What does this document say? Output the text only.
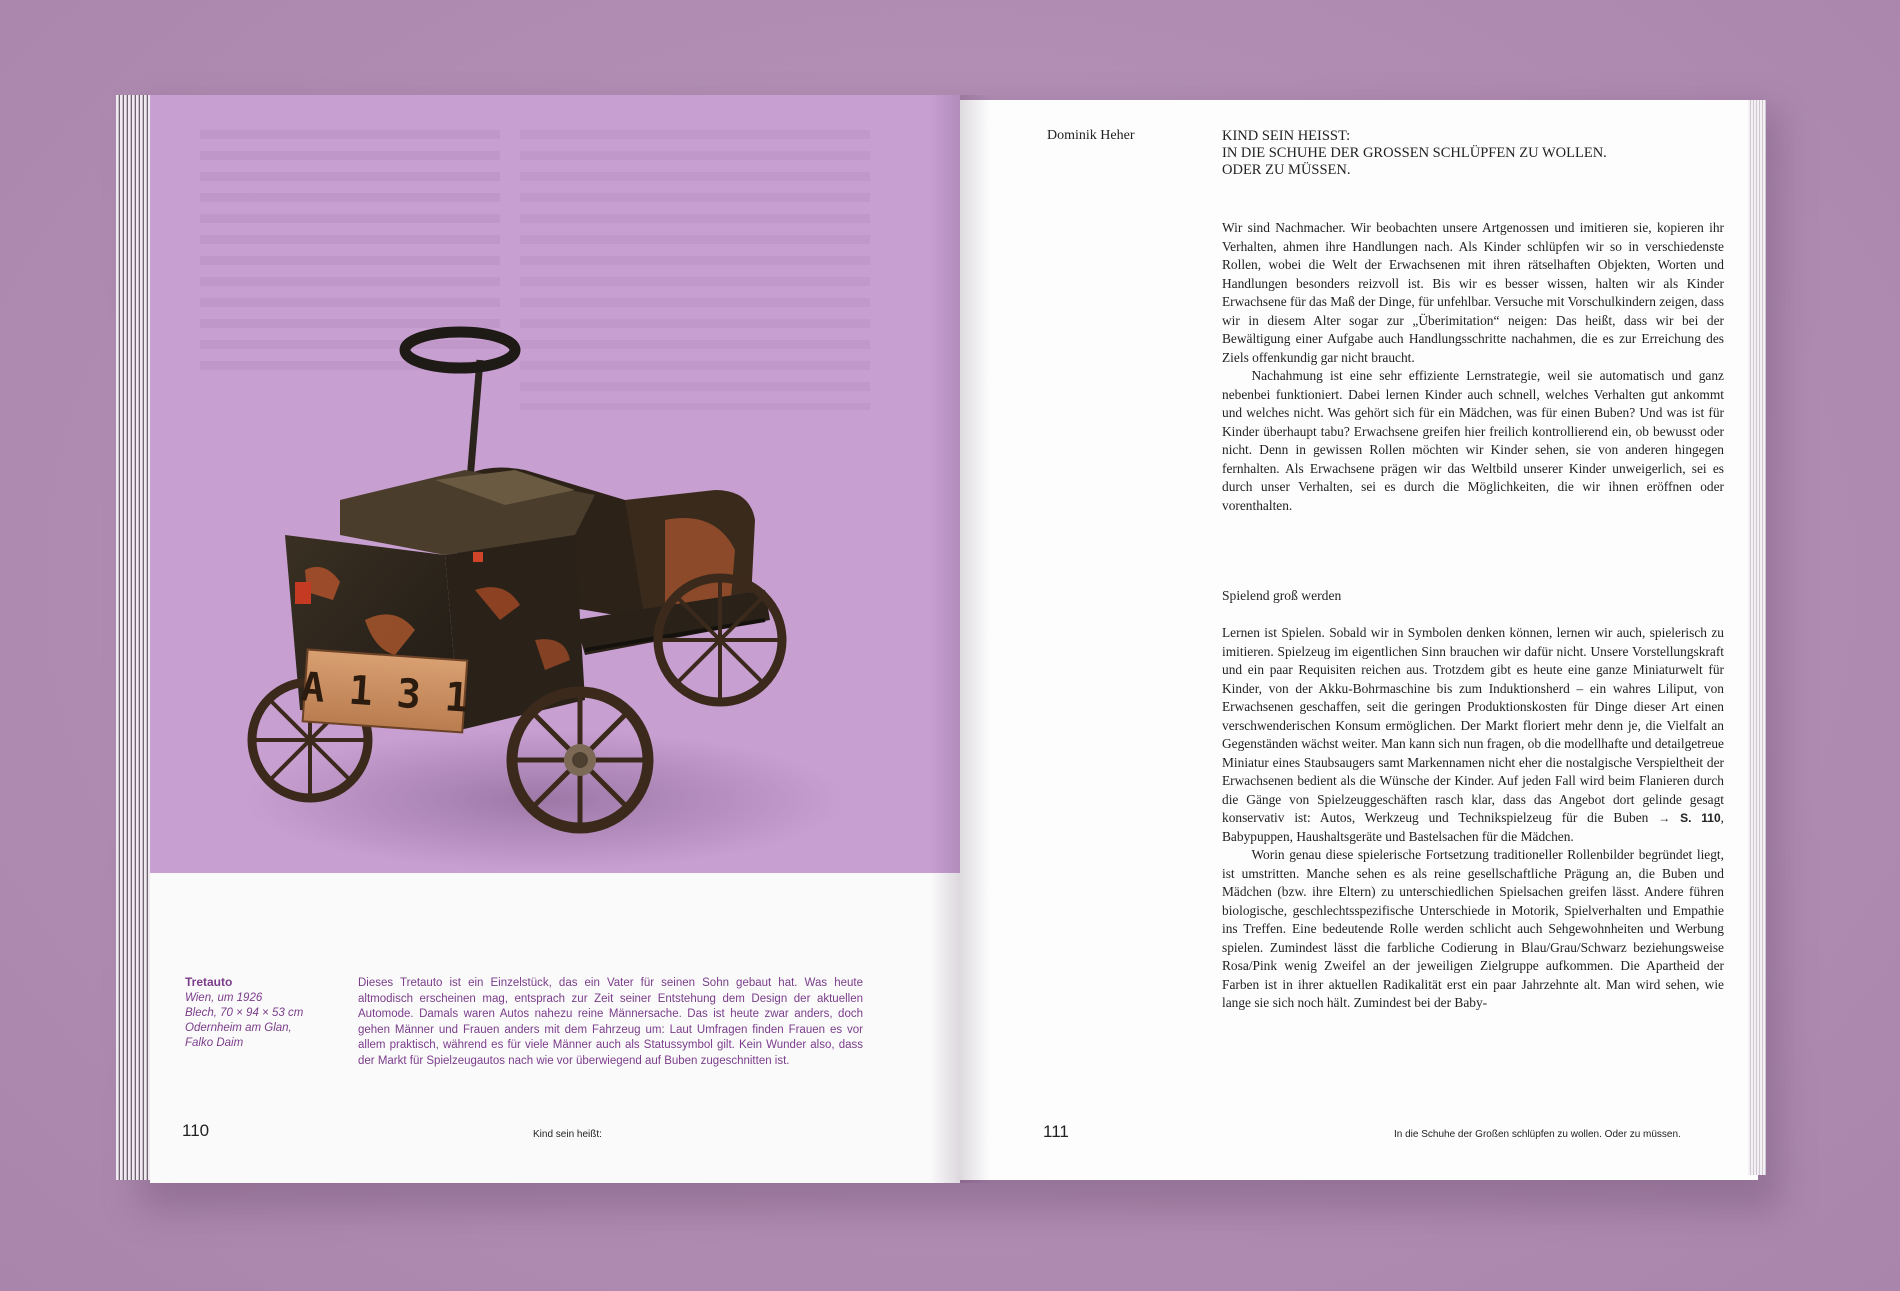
A 1 3 1
Tretauto
Wien, um 1926
Blech, 70 × 94 × 53 cm
Odernheim am Glan,
Falko Daim
Dieses Tretauto ist ein Einzelstück, das ein Vater für seinen Sohn gebaut hat. Was heute altmodisch erscheinen mag, entsprach zur Zeit seiner Entstehung dem Design der aktuellen Automode. Damals waren Autos nahezu reine Männersache. Das ist heute zwar anders, doch gehen Männer und Frauen anders mit dem Fahrzeug um: Laut Umfragen finden Frauen es vor allem praktisch, während es für viele Männer auch als Statussymbol gilt. Kein Wunder also, dass der Markt für Spielzeugautos nach wie vor überwiegend auf Buben zugeschnitten ist.
110	Kind sein heißt:
Dominik Heher	KIND SEIN HEISST:
IN DIE SCHUHE DER GROSSEN SCHLÜPFEN ZU WOLLEN.
ODER ZU MÜSSEN.

Wir sind Nachmacher. Wir beobachten unsere Artgenossen und imitieren sie, kopieren ihr Verhalten, ahmen ihre Handlungen nach. Als Kinder schlüpfen wir so in verschiedenste Rollen, wobei die Welt der Erwachsenen mit ihren rätselhaften Objekten, Worten und Handlungen besonders reizvoll ist. Bis wir es besser wissen, halten wir als Kinder Erwachsene für das Maß der Dinge, für unfehlbar. Versuche mit Vorschulkindern zeigen, dass wir in diesem Alter sogar zur „Überimitation“ neigen: Das heißt, dass wir bei der Bewältigung einer Aufgabe auch Handlungsschritte nachahmen, die es zur Erreichung des Ziels offenkundig gar nicht braucht.

Nachahmung ist eine sehr effiziente Lernstrategie, weil sie automatisch und ganz nebenbei funktioniert. Dabei lernen Kinder auch schnell, welches Verhalten gut ankommt und welches nicht. Was gehört sich für ein Mädchen, was für einen Buben? Und was ist für Kinder überhaupt tabu? Erwachsene greifen hier freilich kontrollierend ein, ob bewusst oder nicht. Denn in gewissen Rollen möchten wir Kinder sehen, sie von anderen hingegen fernhalten. Als Erwachsene prägen wir das Weltbild unserer Kinder unweigerlich, sei es durch unser Verhalten, sei es durch die Möglichkeiten, die wir ihnen eröffnen oder vorenthalten.

Spielend groß werden

Lernen ist Spielen. Sobald wir in Symbolen denken können, lernen wir auch, spielerisch zu imitieren. Spielzeug im eigentlichen Sinn brauchen wir dafür nicht. Unsere Vorstellungskraft und ein paar Requisiten reichen aus. Trotzdem gibt es heute eine ganze Miniaturwelt für Kinder, von der Akku-Bohrmaschine bis zum Induktionsherd – ein wahres Liliput, von Erwachsenen geschaffen, seit die geringen Produktionskosten für Dinge dieser Art einen verschwenderischen Konsum ermöglichen. Der Markt floriert mehr denn je, die Vielfalt an Gegenständen wächst weiter. Man kann sich nun fragen, ob die modellhafte und detailgetreue Miniatur eines Staubsaugers samt Markennamen nicht eher die nostalgische Verspieltheit der Erwachsenen bedient als die Wünsche der Kinder. Auf jeden Fall wird beim Flanieren durch die Gänge von Spielzeuggeschäften rasch klar, dass das Angebot dort gelinde gesagt konservativ ist: Autos, Werkzeug und Technikspielzeug für die Buben → S. 110, Babypuppen, Haushaltsgeräte und Bastelsachen für die Mädchen.

Worin genau diese spielerische Fortsetzung traditioneller Rollenbilder begründet liegt, ist umstritten. Manche sehen es als reine gesellschaftliche Prägung an, die Buben und Mädchen (bzw. ihre Eltern) zu unterschiedlichen Spielsachen greifen lässt. Andere führen biologische, geschlechtsspezifische Unterschiede in Motorik, Spielverhalten und Empathie ins Treffen. Eine bedeutende Rolle werden schlicht auch Sehgewohnheiten und Werbung spielen. Zumindest lässt die farbliche Codierung in Blau/Grau/Schwarz beziehungsweise Rosa/Pink wenig Zweifel an der jeweiligen Zielgruppe aufkommen. Die Apartheid der Farben ist in ihrer aktuellen Radikalität erst ein paar Jahrzehnte alt. Man wird sehen, wie lange sie sich noch hält. Zumindest bei der Baby-

111	In die Schuhe der Großen schlüpfen zu wollen. Oder zu müssen.
